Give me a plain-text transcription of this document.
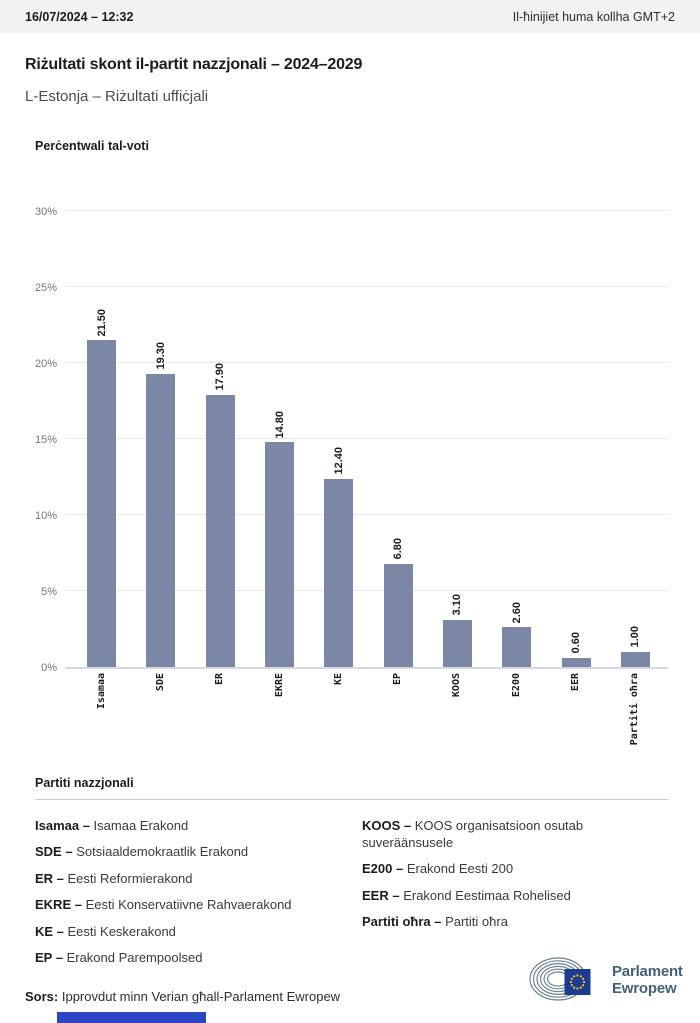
16/07/2024 – 12:32	Il-ħinijiet huma kollha GMT+2
Riżultati skont il-partit nazzjonali – 2024–2029
L-Estonja – Riżultati uffiċjali
Perċentwali tal-voti
30%
25%
20%
15%
10%
5%
0%
21.50
19.30
17.90
14.80
12.40
6.80
3.10	2.60
0.60	1.00
Isamaa	SDE	ER	EKRE	KE	EP	KOOS	E200	EER	Partiti oħra
Partiti nazzjonali
Isamaa – Isamaa Erakond
SDE – Sotsiaaldemokraatlik Erakond
ER – Eesti Reformierakond
EKRE – Eesti Konservatiivne Rahvaerakond
KE – Eesti Keskerakond
EP – Erakond Parempoolsed
KOOS – KOOS organisatsioon osutab suveräänsusele
E200 – Erakond Eesti 200
EER – Erakond Eestimaa Rohelised
Partiti oħra – Partiti oħra
Sors: Ipprovdut minn Verian għall-Parlament Ewropew
Parlament
Ewropew
